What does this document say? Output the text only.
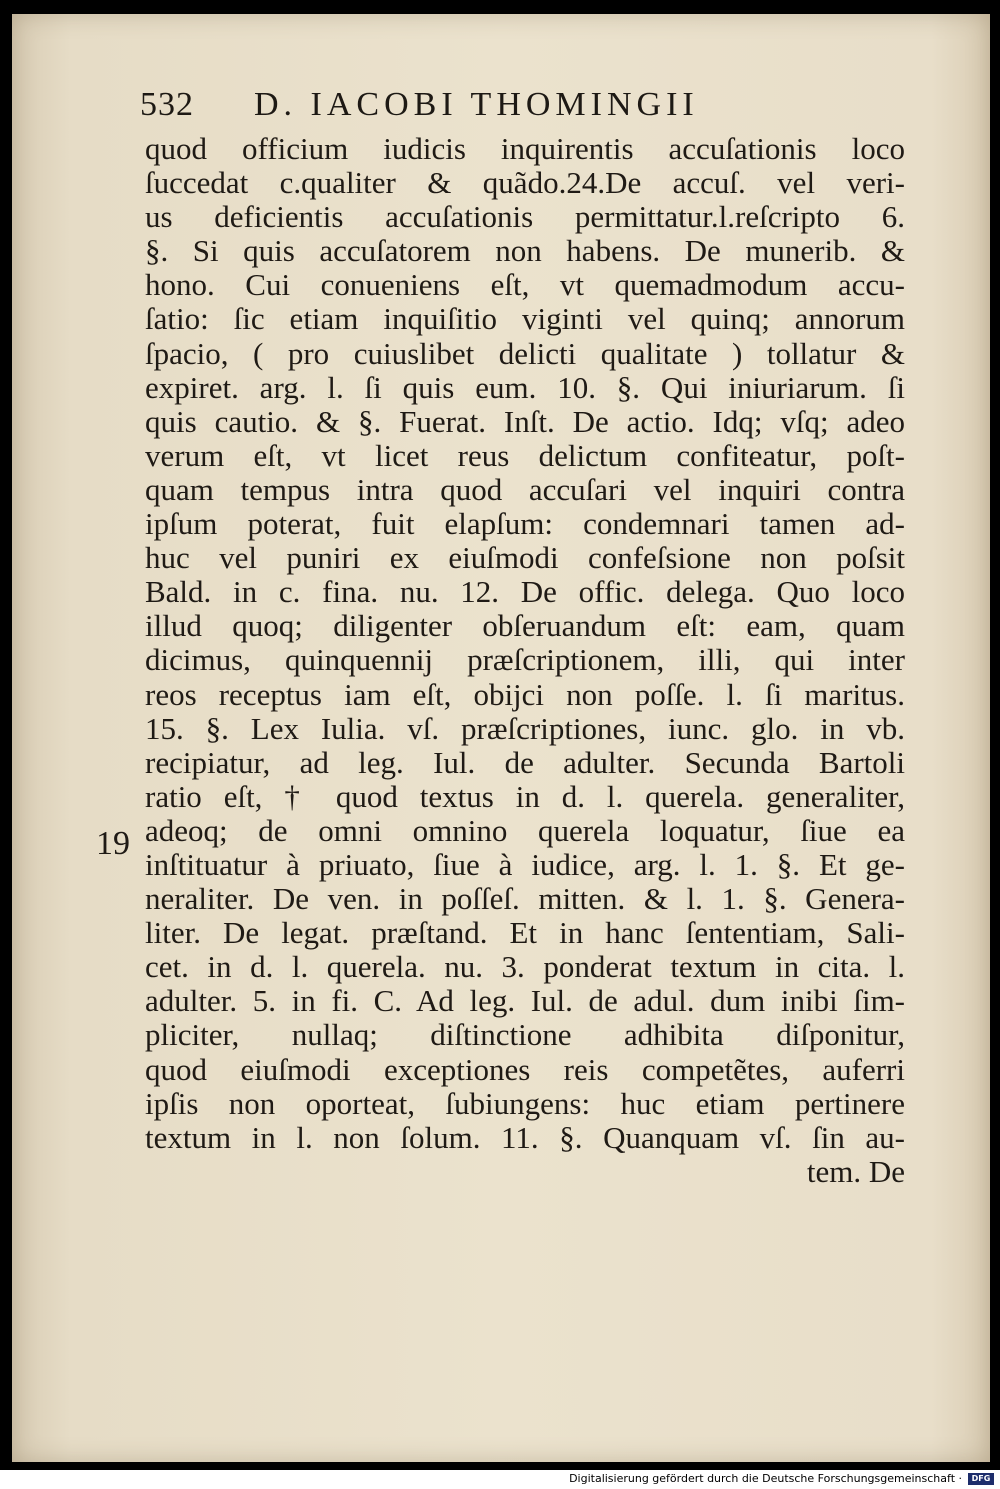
532 D. IACOBI THOMINGII
quod officium iudicis inquirentis accuſationis loco
ſuccedat c.qualiter & quãdo.24.De accuſ. vel veri-
us deficientis accuſationis permittatur.l.reſcripto 6.
§. Si quis accuſatorem non habens. De munerib. &
hono. Cui conueniens eſt, vt quemadmodum accu-
ſatio: ſic etiam inquiſitio viginti vel quinq; annorum
ſpacio, ( pro cuiuslibet delicti qualitate ) tollatur &
expiret. arg. l. ſi quis eum. 10. §. Qui iniuriarum. ſi
quis cautio. & §. Fuerat. Inſt. De actio. Idq; vſq; adeo
verum eſt, vt licet reus delictum confiteatur, poſt-
quam tempus intra quod accuſari vel inquiri contra
ipſum poterat, fuit elapſum: condemnari tamen ad-
huc vel puniri ex eiuſmodi confeſsione non poſsit
Bald. in c. fina. nu. 12. De offic. delega. Quo loco
illud quoq; diligenter obſeruandum eſt: eam, quam
dicimus, quinquennij præſcriptionem, illi, qui inter
reos receptus iam eſt, obijci non poſſe. l. ſi maritus.
15. §. Lex Iulia. vſ. præſcriptiones, iunc. glo. in vb.
recipiatur, ad leg. Iul. de adulter. Secunda Bartoli
ratio eſt, † quod textus in d. l. querela. generaliter,
adeoq; de omni omnino querela loquatur, ſiue ea
inſtituatur à priuato, ſiue à iudice, arg. l. 1. §. Et ge-
neraliter. De ven. in poſſeſ. mitten. & l. 1. §. Genera-
liter. De legat. præſtand. Et in hanc ſententiam, Sali-
cet. in d. l. querela. nu. 3. ponderat textum in cita. l.
adulter. 5. in fi. C. Ad leg. Iul. de adul. dum inibi ſim-
pliciter, nullaq; diſtinctione adhibita diſponitur,
quod eiuſmodi exceptiones reis competẽtes, auferri
ipſis non oporteat, ſubiungens: huc etiam pertinere
textum in l. non ſolum. 11. §. Quanquam vſ. ſin au-
tem. De
19
Digitalisierung gefördert durch die Deutsche Forschungsgemeinschaft ·	DFG
